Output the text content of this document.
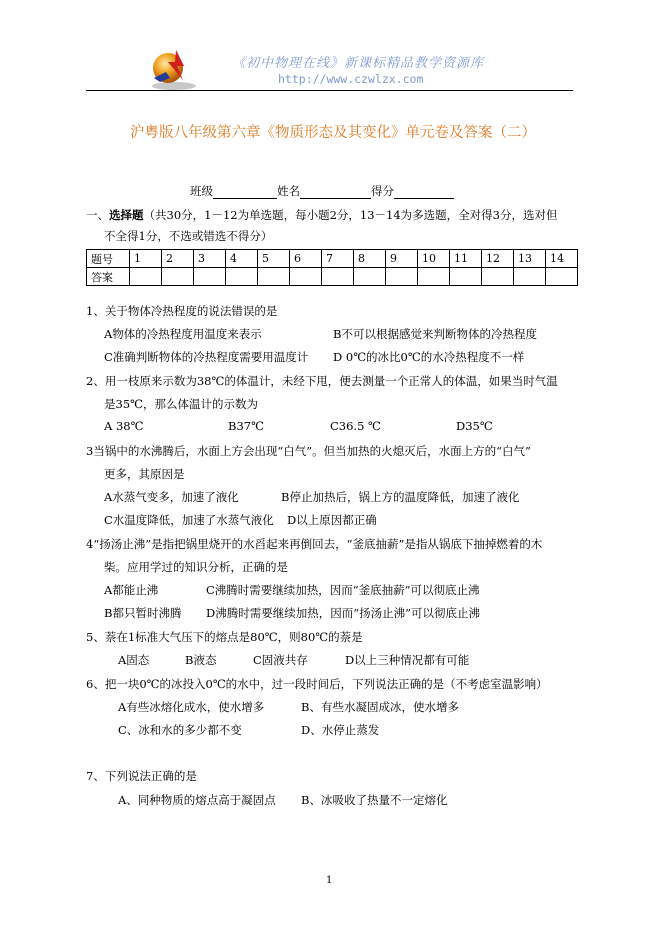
《初中物理在线》新课标精品教学资源库
http://www.czwlzx.com
沪粤版八年级第六章《物质形态及其变化》单元卷及答案（二）
班级	姓名	得分
一、选择题（共30分，1－12为单选题，每小题2分，13－14为多选题，全对得3分，选对但
不全得1分，不选或错选不得分）
题号	1	2	3	4	5	6	7	8	9	10	11	12	13	14
答案														
1、关于物体冷热程度的说法错误的是
A物体的冷热程度用温度来表示	B不可以根据感觉来判断物体的冷热程度
C准确判断物体的冷热程度需要用温度计 D 0℃的冰比0℃的水冷热程度不一样
2、用一枝原来示数为38℃的体温计，未经下甩，便去测量一个正常人的体温，如果当时气温
是35℃，那么体温计的示数为
A 38℃	B37℃	C36.5 ℃	D35℃
3当锅中的水沸腾后，水面上方会出现“白气”。但当加热的火熄灭后，水面上方的“白气”
更多，其原因是
A水蒸气变多，加速了液化	B停止加热后，锅上方的温度降低，加速了液化
C水温度降低，加速了水蒸气液化 D以上原因都正确
4“扬汤止沸”是指把锅里烧开的水舀起来再倒回去，“釜底抽薪”是指从锅底下抽掉燃着的木
柴。应用学过的知识分析，正确的是
A都能止沸	C沸腾时需要继续加热，因而“釜底抽薪”可以彻底止沸
B都只暂时沸腾 D沸腾时需要继续加热，因而“扬汤止沸”可以彻底止沸
5、萘在1标准大气压下的熔点是80℃，则80℃的萘是
A固态	B液态	C固液共存	D以上三种情况都有可能
6、把一块0℃的冰投入0℃的水中，过一段时间后，下列说法正确的是（不考虑室温影响）
A有些冰熔化成水，使水增多	B、有些水凝固成冰，使水增多
C、冰和水的多少都不变	D、水停止蒸发
7、下列说法正确的是
A、同种物质的熔点高于凝固点 B、冰吸收了热量不一定熔化
1
